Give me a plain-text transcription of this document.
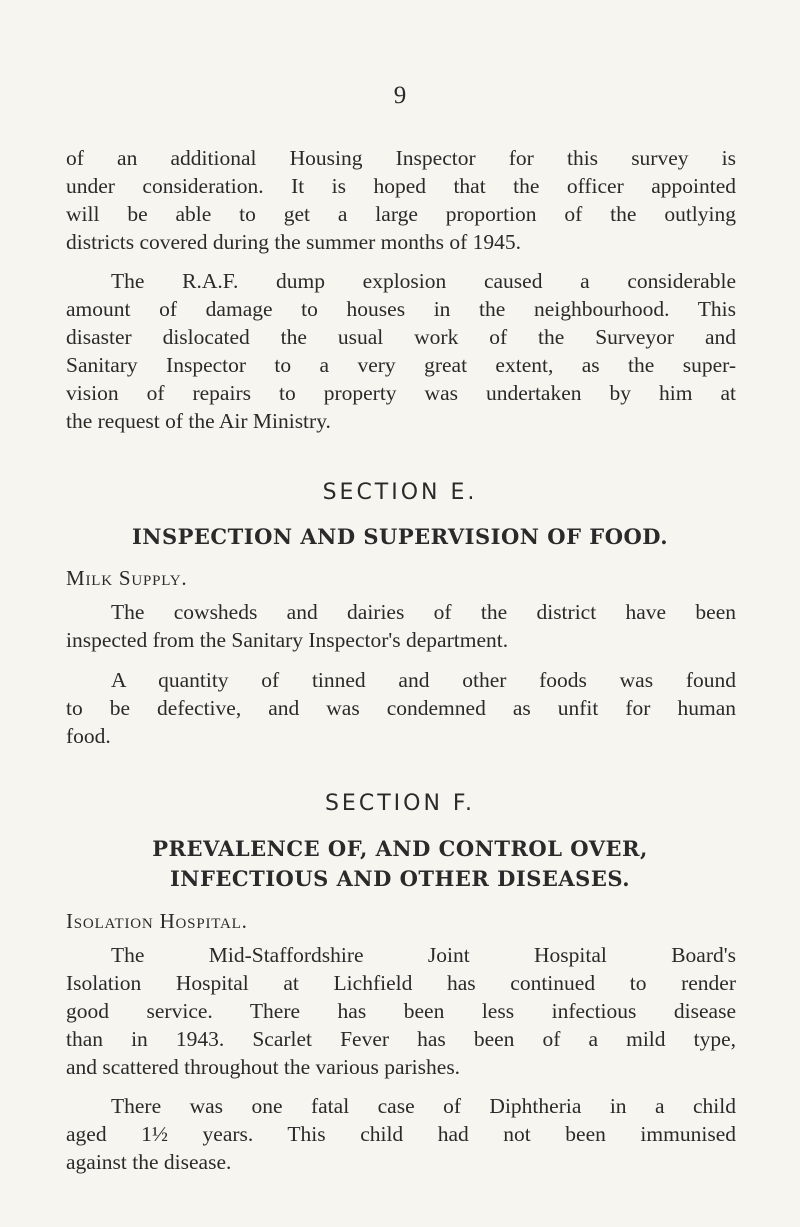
9
of an additional Housing Inspector for this survey is
under consideration. It is hoped that the officer appointed
will be able to get a large proportion of the outlying
districts covered during the summer months of 1945.
The R.A.F. dump explosion caused a considerable
amount of damage to houses in the neighbourhood. This
disaster dislocated the usual work of the Surveyor and
Sanitary Inspector to a very great extent, as the super-
vision of repairs to property was undertaken by him at
the request of the Air Ministry.
SECTION E.
INSPECTION AND SUPERVISION OF FOOD.
Milk Supply.
The cowsheds and dairies of the district have been
inspected from the Sanitary Inspector's department.
A quantity of tinned and other foods was found
to be defective, and was condemned as unfit for human
food.
SECTION F.
PREVALENCE OF, AND CONTROL OVER,
INFECTIOUS AND OTHER DISEASES.
Isolation Hospital.
The Mid-Staffordshire Joint Hospital Board's
Isolation Hospital at Lichfield has continued to render
good service. There has been less infectious disease
than in 1943. Scarlet Fever has been of a mild type,
and scattered throughout the various parishes.
There was one fatal case of Diphtheria in a child
aged 1½ years. This child had not been immunised
against the disease.
